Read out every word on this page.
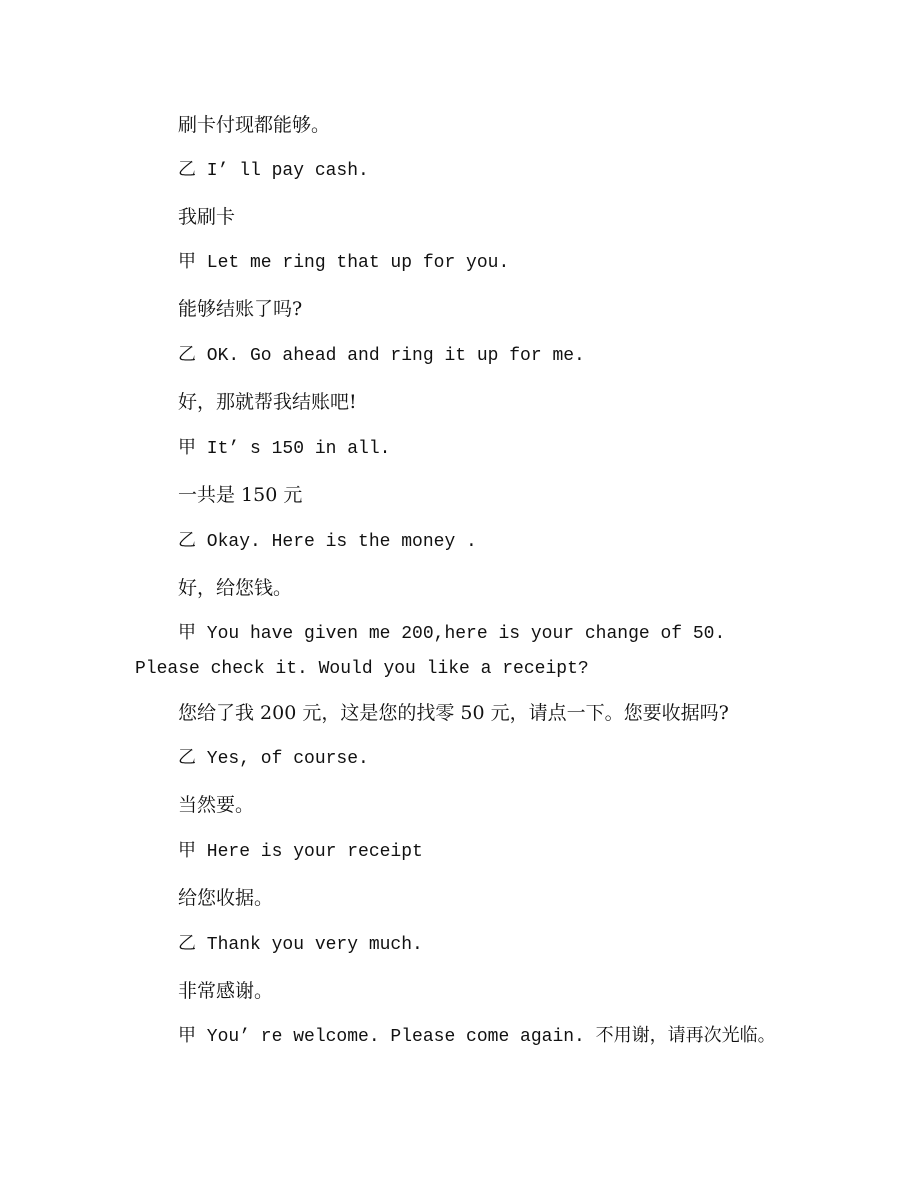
刷卡付现都能够。
乙 I’ ll pay cash.
我刷卡
甲 Let me ring that up for you.
能够结账了吗?
乙 OK. Go ahead and ring it up for me.
好，那就帮我结账吧!
甲 It’ s 150 in all.
一共是 150 元
乙 Okay. Here is the money .
好，给您钱。
甲 You have given me 200,here is your change of 50.
Please check it. Would you like a receipt?
您给了我 200 元，这是您的找零 50 元，请点一下。您要收据吗?
乙 Yes, of course.
当然要。
甲 Here is your receipt
给您收据。
乙 Thank you very much.
非常感谢。
甲 You’ re welcome. Please come again. 不用谢，请再次光临。
